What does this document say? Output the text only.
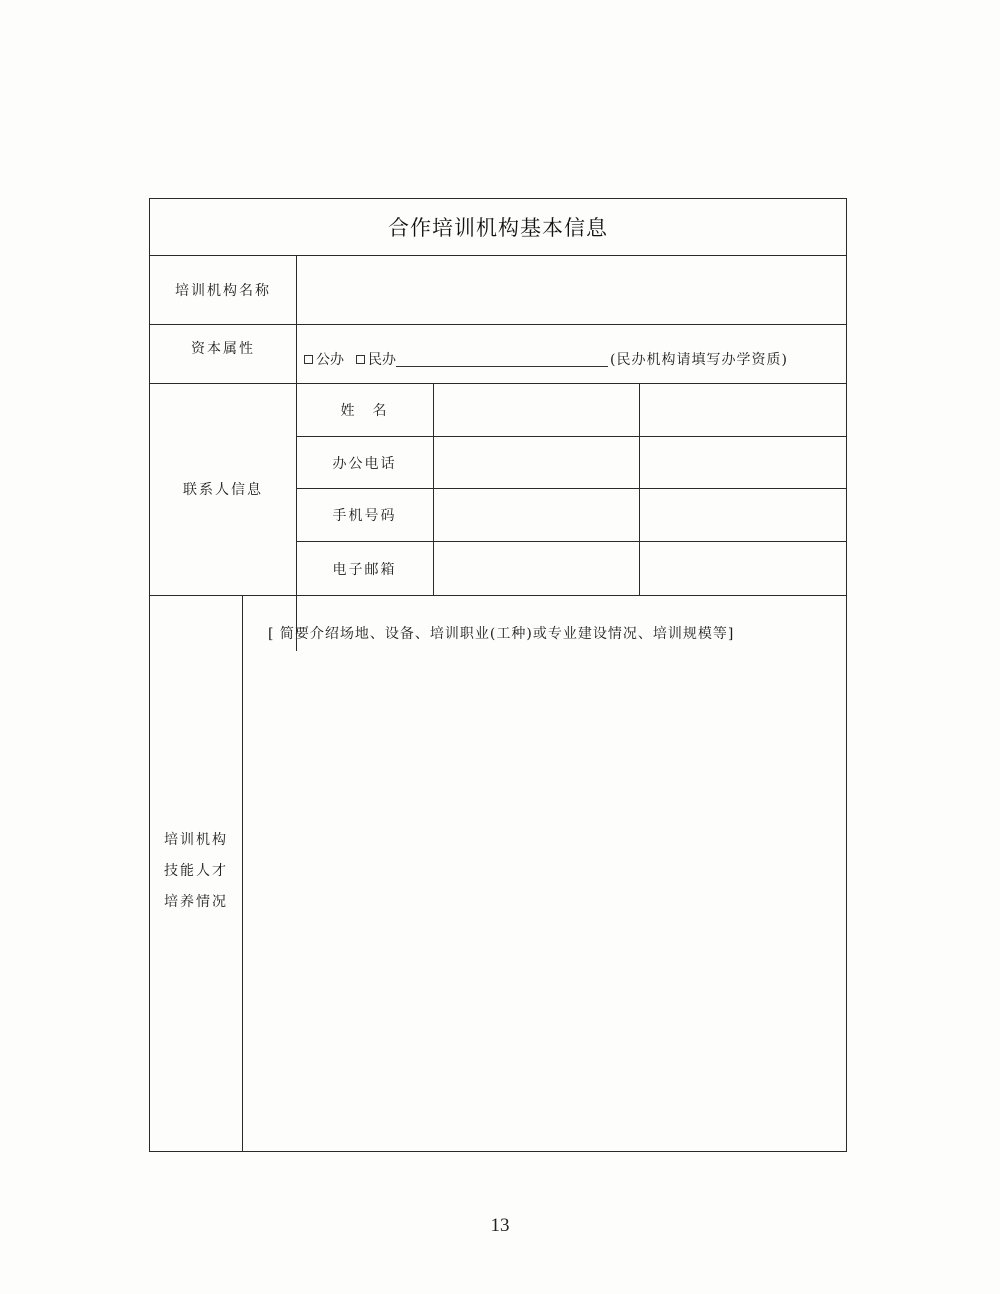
合作培训机构基本信息
培训机构名称
资本属性
公办 民办	(民办机构请填写办学资质)
联系人信息
姓　名
办公电话
手机号码
电子邮箱
培训机构
技能人才
培养情况
[ 简要介绍场地、设备、培训职业(工种)或专业建设情况、培训规模等]
13
